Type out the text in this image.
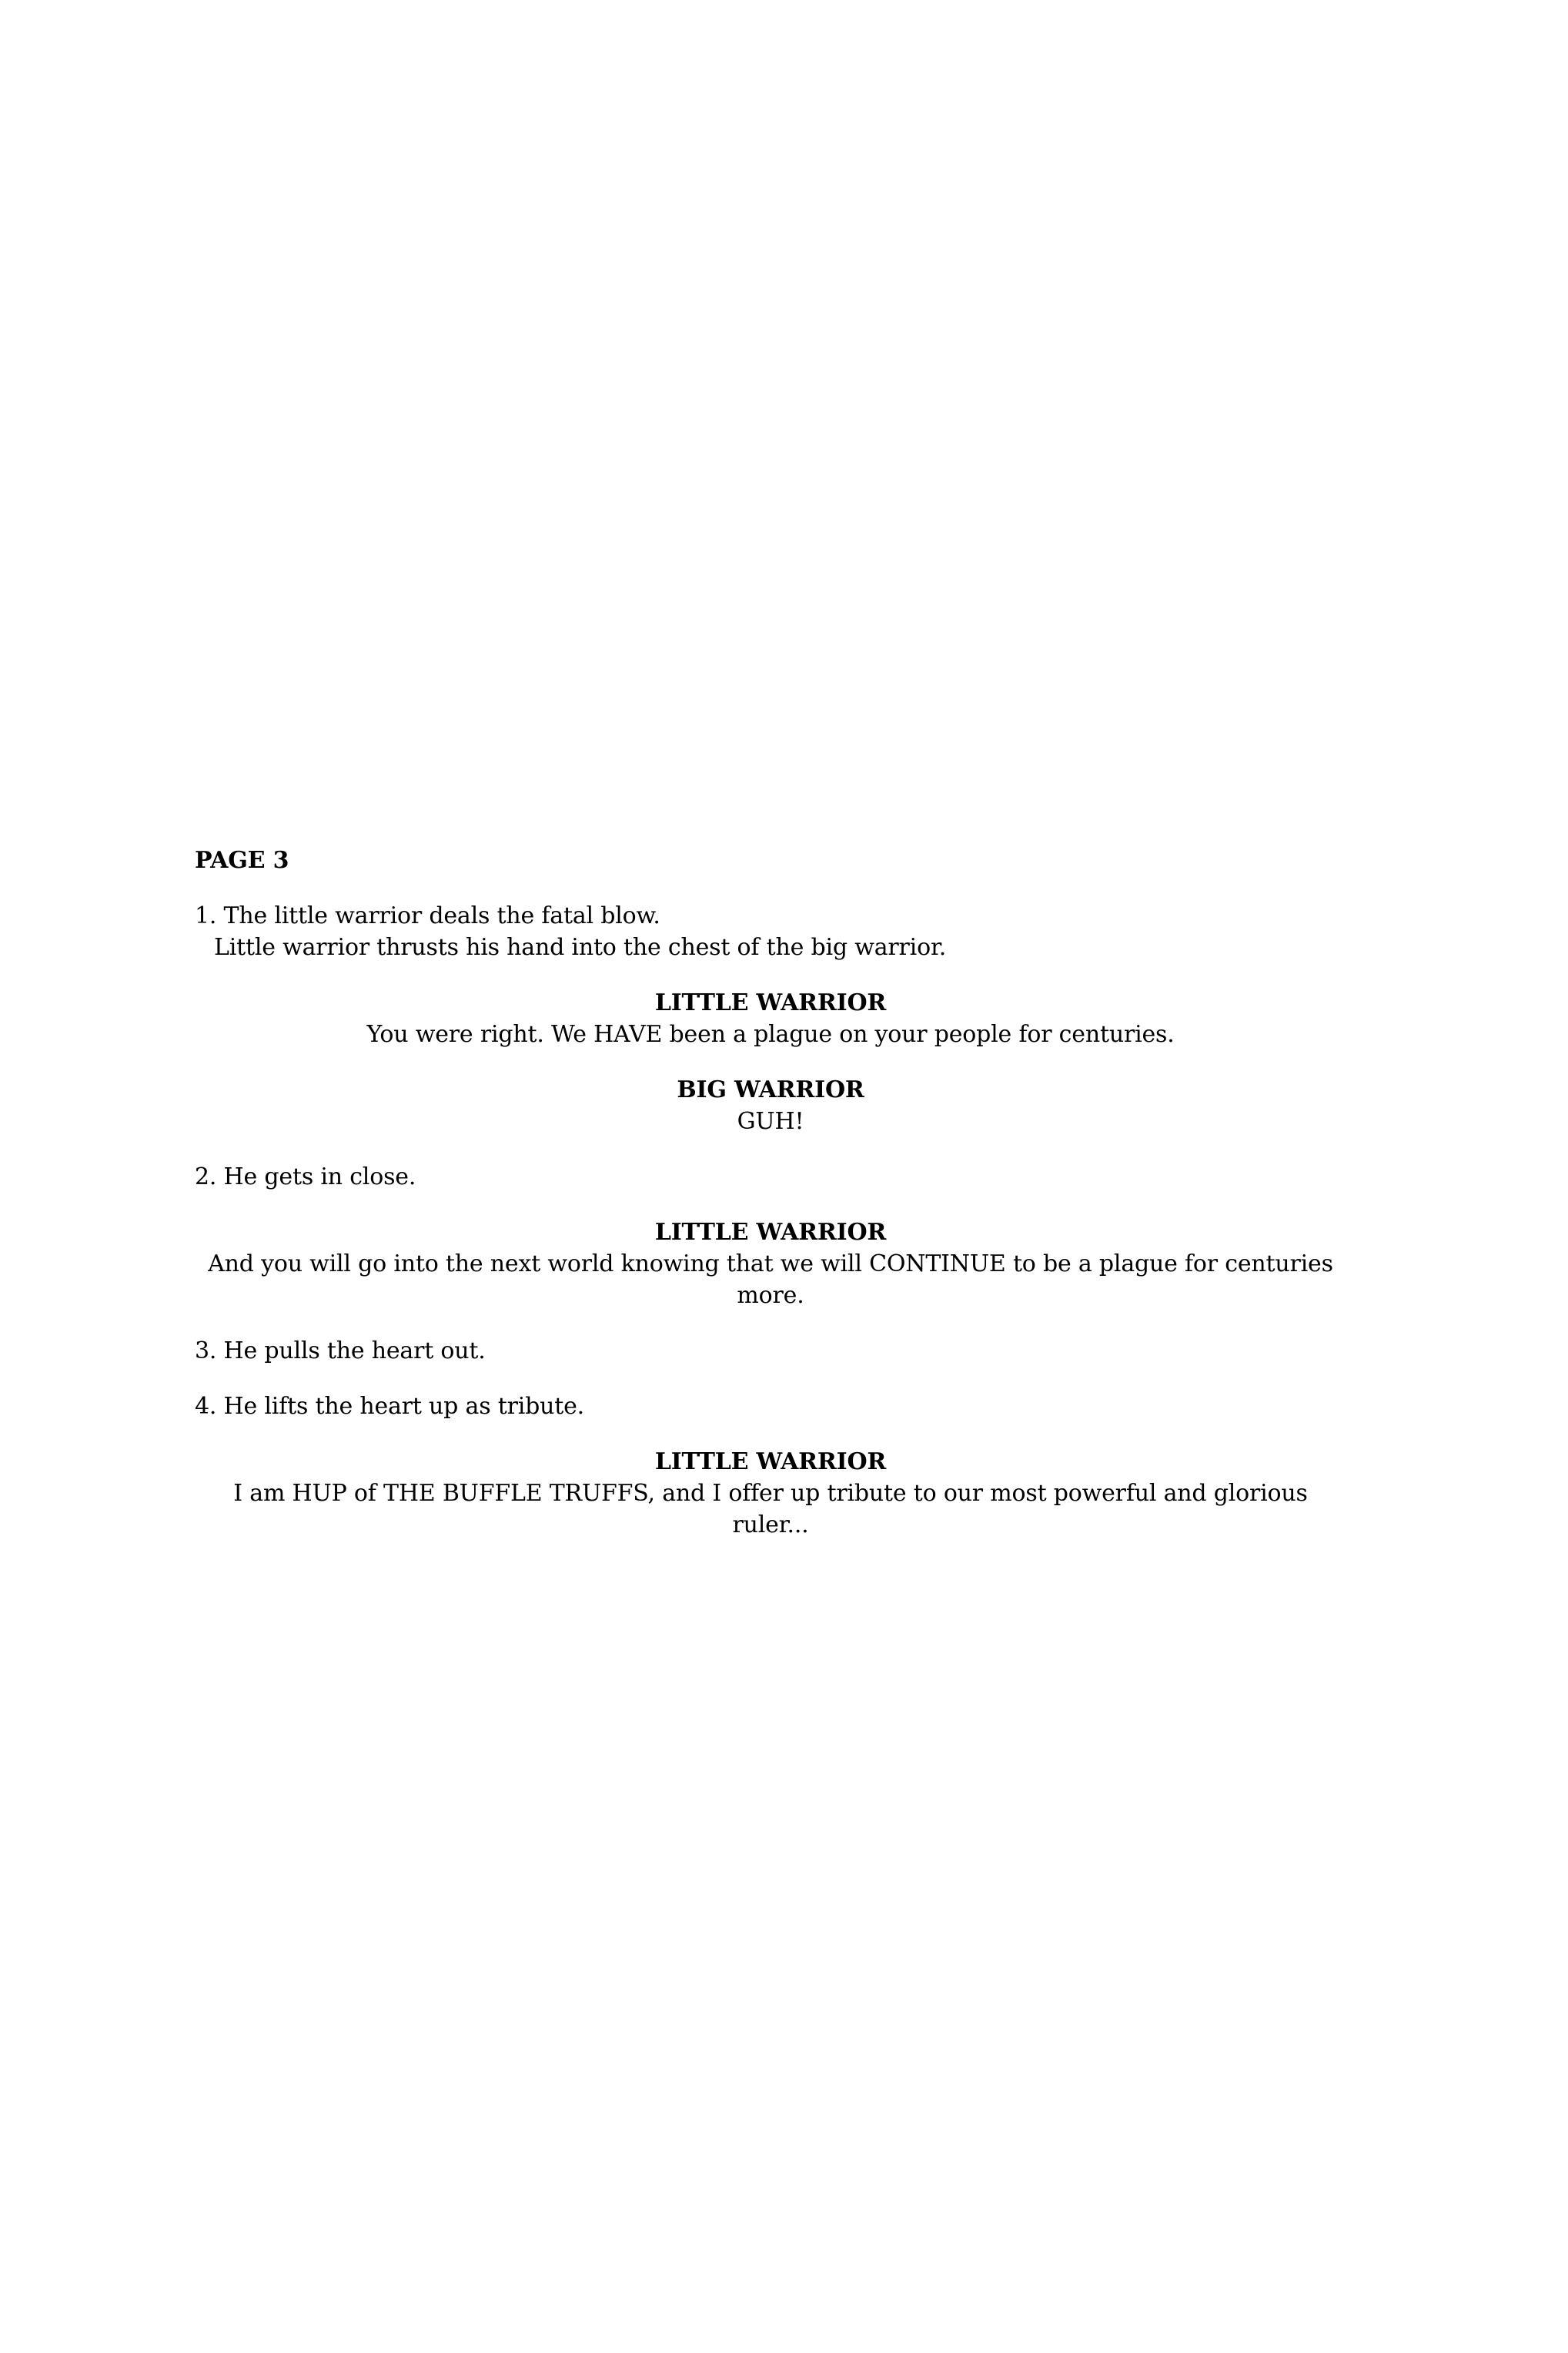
PAGE 3
1. The little warrior deals the fatal blow.
Little warrior thrusts his hand into the chest of the big warrior.
LITTLE WARRIOR
You were right. We HAVE been a plague on your people for centuries.
BIG WARRIOR
GUH!
2. He gets in close.
LITTLE WARRIOR
And you will go into the next world knowing that we will CONTINUE to be a plague for centuries
more.
3. He pulls the heart out.
4. He lifts the heart up as tribute.
LITTLE WARRIOR
I am HUP of THE BUFFLE TRUFFS, and I offer up tribute to our most powerful and glorious ruler...
